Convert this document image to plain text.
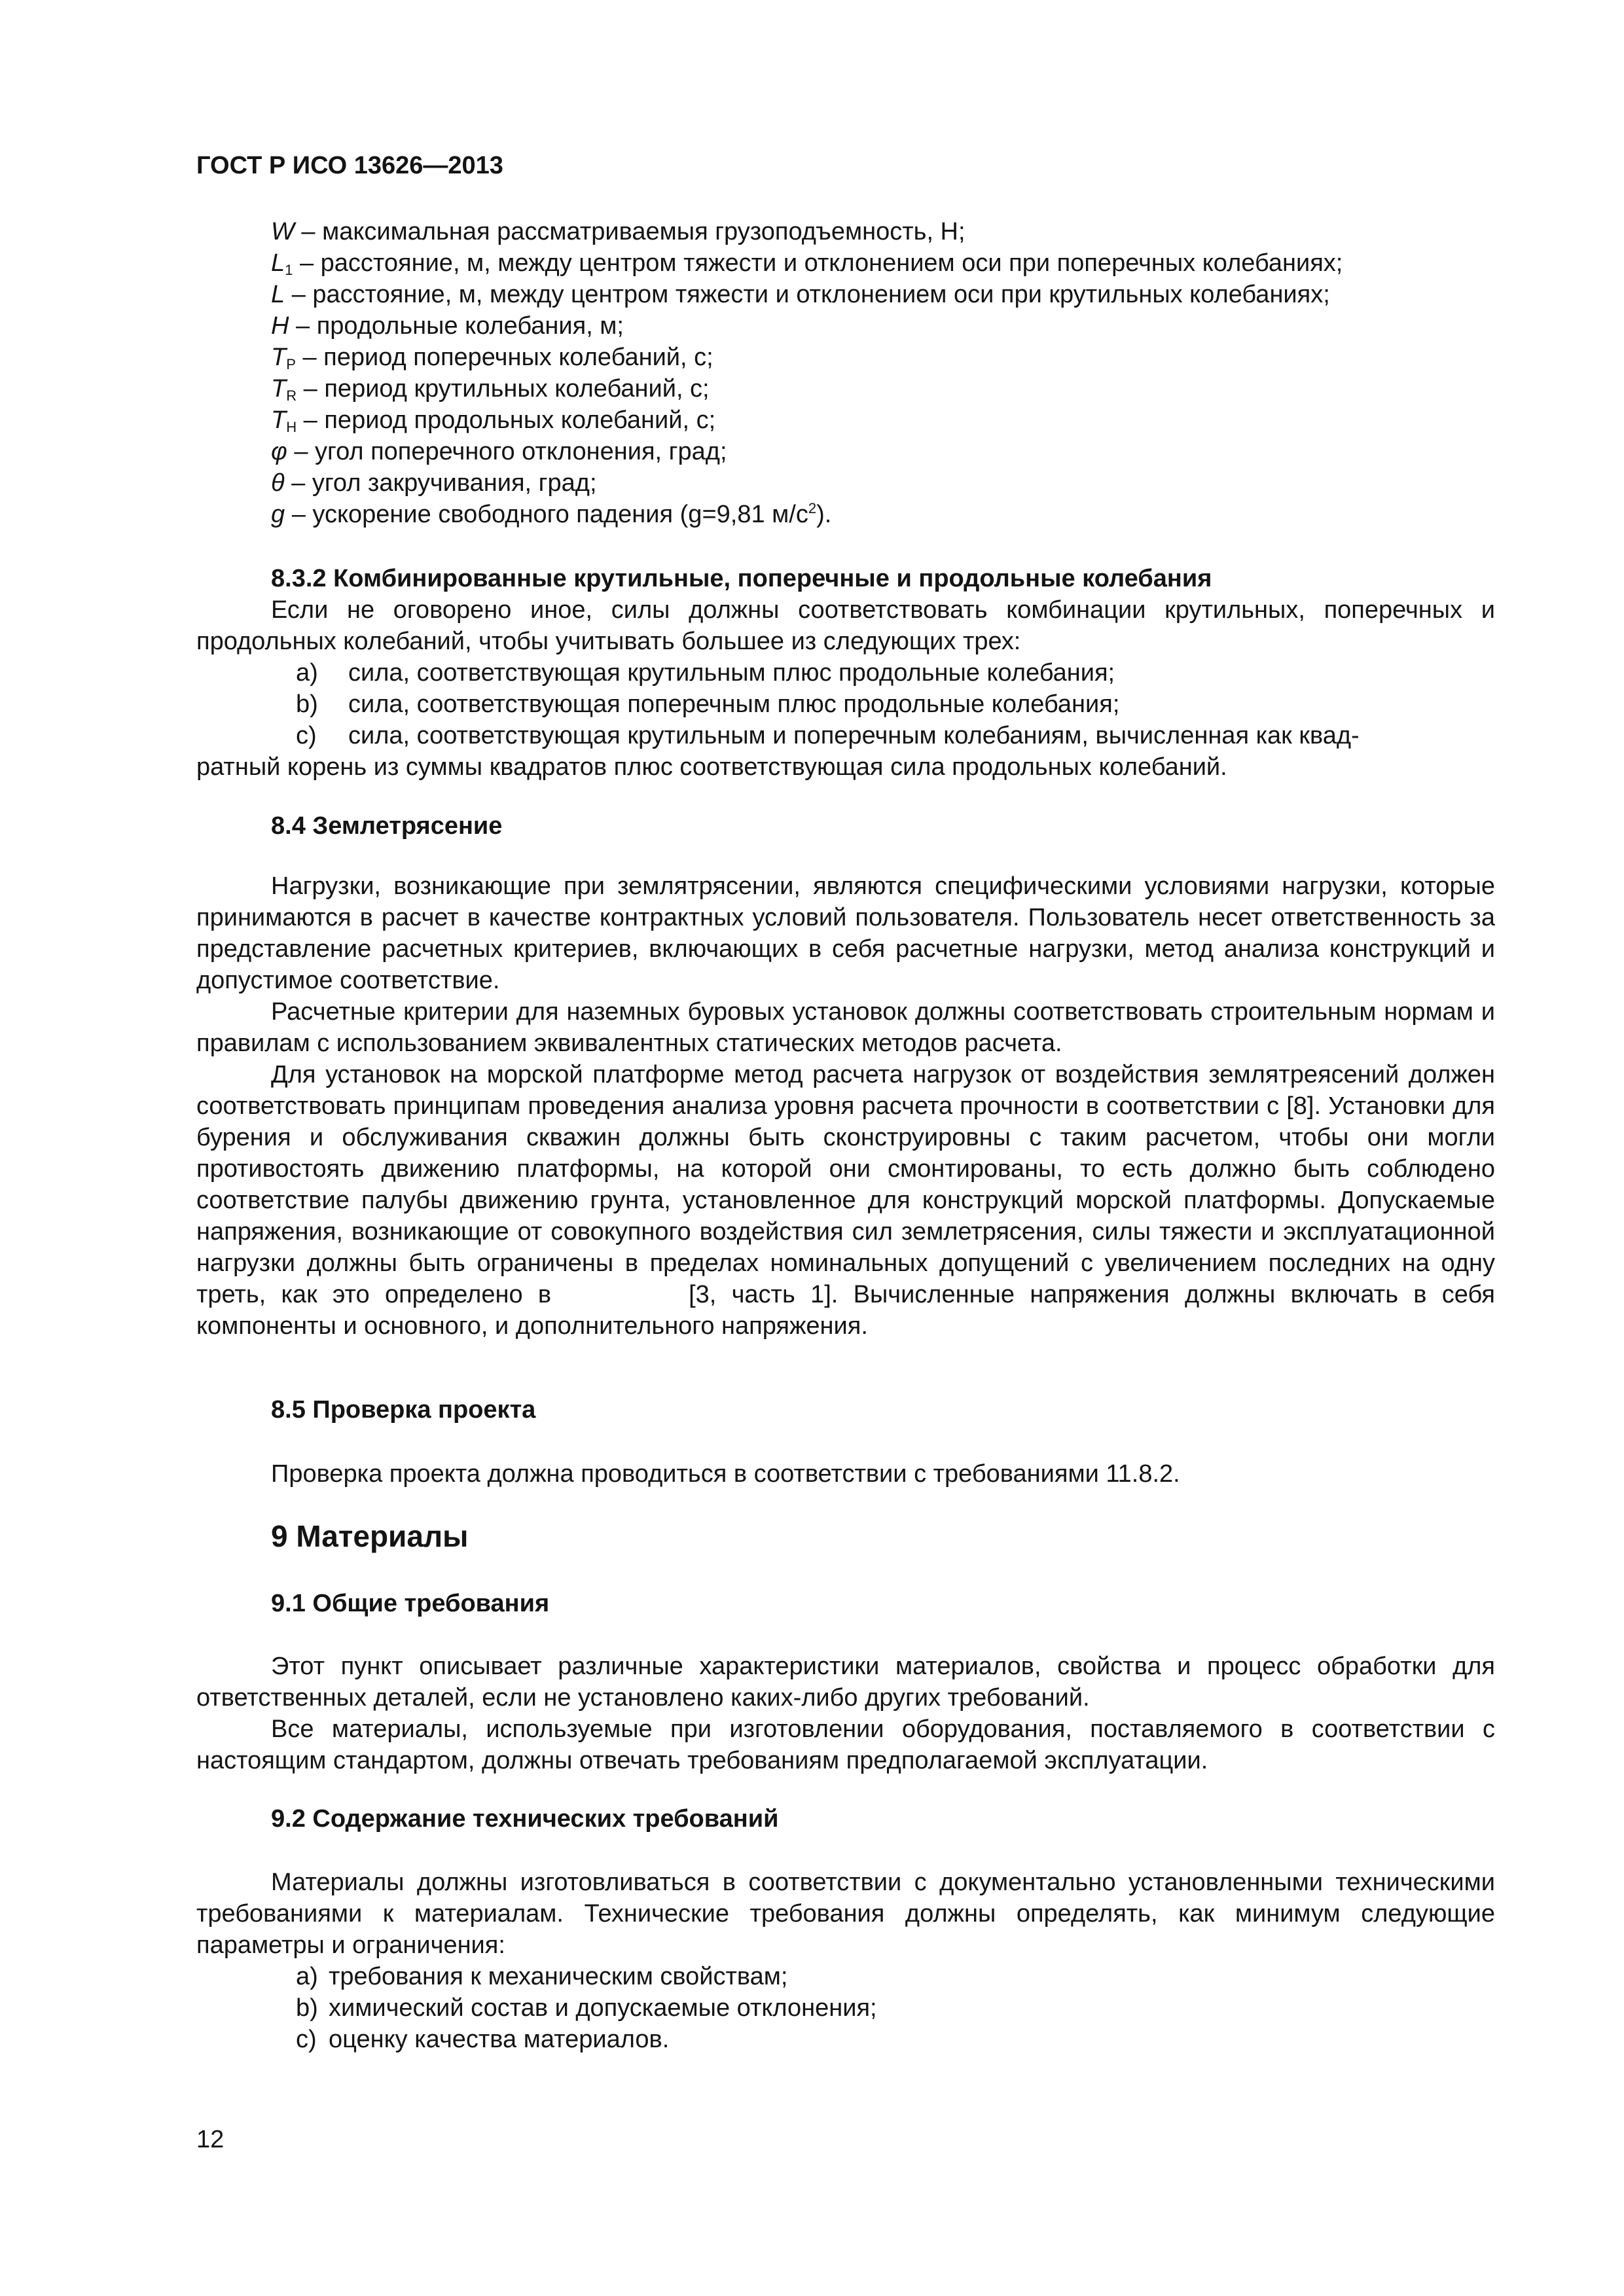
ГОСТ Р ИСО 13626—2013
W – максимальная рассматриваемыя грузоподъемность, Н;
$L_1$ – расстояние, м, между центром тяжести и отклонением оси при поперечных колебаниях;
L – расстояние, м, между центром тяжести и отклонением оси при крутильных колебаниях;
H – продольные колебания, м;
$T_P$ – период поперечных колебаний, с;
$T_R$ – период крутильных колебаний, с;
$T_H$ – период продольных колебаний, с;
φ – угол поперечного отклонения, град;
θ – угол закручивания, град;
g – ускорение свободного падения (g=9,81 $м/с^2$).
8.3.2 Комбинированные крутильные, поперечные и продольные колебания

Если не оговорено иное, силы должны соответствовать комбинации крутильных, поперечных и продольных колебаний, чтобы учитывать большее из следующих трех:

a) сила, соответствующая крутильным плюс продольные колебания;
b) сила, соответствующая поперечным плюс продольные колебания;
c) сила, соответствующая крутильным и поперечным колебаниям, вычисленная как квад-
ратный корень из суммы квадратов плюс соответствующая сила продольных колебаний.
8.4 Землетрясение

Нагрузки, возникающие при землятрясении, являются специфическими условиями нагрузки, которые принимаются в расчет в качестве контрактных условий пользователя. Пользователь несет ответственность за представление расчетных критериев, включающих в себя расчетные нагрузки, метод анализа конструкций и допустимое соответствие.

Расчетные критерии для наземных буровых установок должны соответствовать строительным нормам и правилам с использованием эквивалентных статических методов расчета.

Для установок на морской платформе метод расчета нагрузок от воздействия землятреясений должен соответствовать принципам проведения анализа уровня расчета прочности в соответствии с [8]. Установки для бурения и обслуживания скважин должны быть сконструировны с таким расчетом, чтобы они могли противостоять движению платформы, на которой они смонтированы, то есть должно быть соблюдено соответствие палубы движению грунта, установленное для конструкций морской платформы. Допускаемые напряжения, возникающие от совокупного воздействия сил землетрясения, силы тяжести и эксплуатационной нагрузки должны быть ограничены в пределах номинальных допущений с увеличением последних на одну треть, как это определено в	[3, часть 1]. Вычисленные напряжения должны включать в себя компоненты и основного, и дополнительного напряжения.

8.5 Проверка проекта

Проверка проекта должна проводиться в соответствии с требованиями 11.8.2.

9 Материалы
9.1 Общие требования

Этот пункт описывает различные характеристики материалов, свойства и процесс обработки для ответственных деталей, если не установлено каких-либо других требований.

Все материалы, используемые при изготовлении оборудования, поставляемого в соответствии с настоящим стандартом, должны отвечать требованиям предполагаемой эксплуатации.

9.2 Содержание технических требований

Материалы должны изготовливаться в соответствии с документально установленными техническими требованиями к материалам. Технические требования должны определять, как минимум следующие параметры и ограничения:

a) требования к механическим свойствам;
b) химический состав и допускаемые отклонения;
c) оценку качества материалов.
12
